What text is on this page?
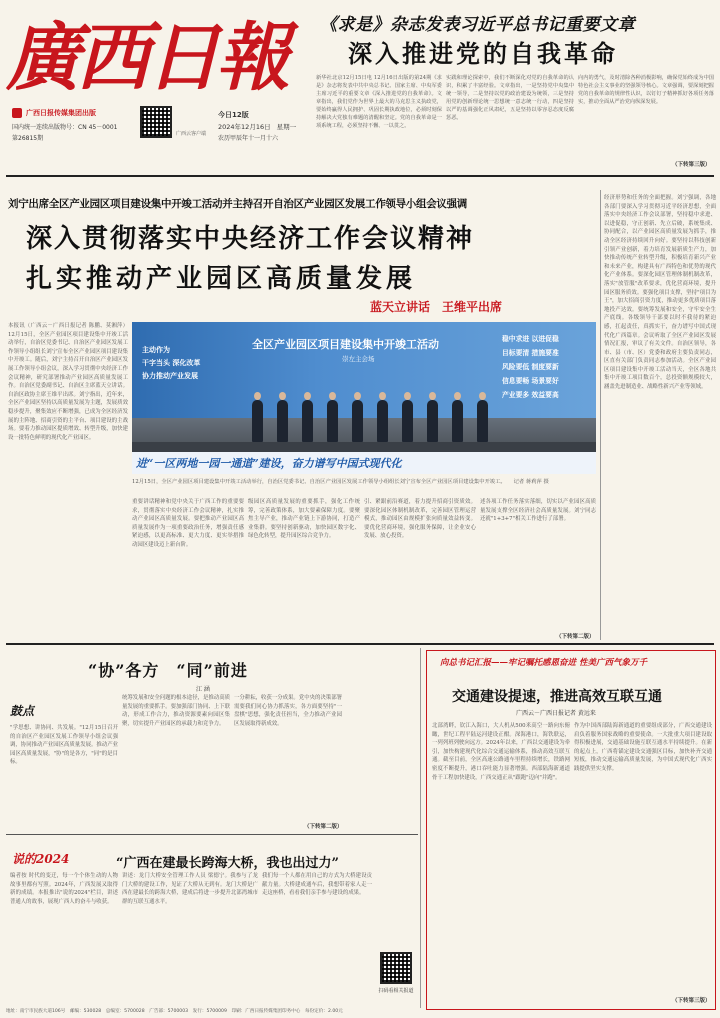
廣西日報
广西日报传媒集团出版
国内统一连续出版物号：CN 45－0001
第26815期
广西云客户端
今日12版
2024年12月16日 星期一
农历甲辰年十一月十六
《求是》杂志发表习近平总书记重要文章
深入推进党的自我革命
新华社北京12月15日电 12月16日出版的第24期《求是》杂志将发表中共中央总书记、国家主席、中央军委主席习近平的重要文章《深入推进党的自我革命》。文章指出，我们党作为世界上最大的马克思主义执政党，要始终赢得人民拥护、巩固长期执政地位，必须时刻保持解决大党独有难题的清醒和坚定。党的自我革命是一项系统工程，必须坚持不懈、一以贯之。
实践和理论探索中，我们不断深化对党的自我革命的认识，积累了丰富经验。文章指出，一是坚持党中央集中统一领导，二是坚持以党的政治建设为统领，三是坚持用党的创新理论统一思想统一意志统一行动，四是坚持以严的基调强化正风肃纪，五是坚持以零容忍态度反腐惩恶。
向内的勇气，及时清除各种消极影响，确保党始终成为中国特色社会主义事业的坚强领导核心。文章强调，要深刻把握党的自我革命的规律性认识，以钉钉子精神抓好各项任务落实，推动全面从严治党向纵深发展。
（下转第三版）
刘宁出席全区产业园区项目建设集中开竣工活动并主持召开自治区产业园区发展工作领导小组会议强调
深入贯彻落实中央经济工作会议精神
扎实推动产业园区高质量发展
蓝天立讲话　王维平出席
经济形势和任务的全面把握。刘宁强调，各地各部门要深入学习贯彻习近平经济思想，全面落实中央经济工作会议部署，坚持稳中求进、以进促稳，守正创新、先立后破，系统集成、协同配合，以产业园区高质量发展为抓手，推动全区经济持续回升向好。要坚持以科技创新引领产业创新，着力培育发展新质生产力，加快推动传统产业转型升级，积极培育新兴产业和未来产业，构建具有广西特色和优势的现代化产业体系。要深化园区管理体制机制改革，落实"放管服"改革要求，优化营商环境，提升园区服务质效。要强化项目支撑，坚持"项目为王"，加大招商引资力度，推动更多优质项目落地投产达效。要统筹发展和安全，守牢安全生产底线。各级领导干部要以时不我待的紧迫感，扛起责任，真抓实干，奋力谱写中国式现代化广西篇章。会议听取了全区产业园区发展情况汇报，审议了有关文件。自治区领导，各市、县（市、区）党委和政府主要负责同志，区直有关部门负责同志参加活动。全区产业园区项目建设集中开竣工活动当天，全区各地共集中开竣工项目数百个，总投资额规模较大，涵盖先进制造业、战略性新兴产业等领域。
本报讯（广西云－广西日报记者 陈鹏、莫湘萍）12月15日，全区产业园区项目建设集中开竣工活动举行，自治区党委书记、自治区产业园区发展工作领导小组组长刘宁宣布全区产业园区项目建设集中开竣工。随后，刘宁主持召开自治区产业园区发展工作领导小组会议，深入学习贯彻中央经济工作会议精神，研究部署推动产业园区高质量发展工作。自治区党委副书记、自治区主席蓝天立讲话。自治区政协主席王维平出席。刘宁指出，近年来，全区产业园区坚持以高质量发展为主题，发展质效稳步提升，聚集效应不断增强，已成为全区经济发展的主阵地、招商引资的主平台、项目建设的主战场。要着力推动园区提质增效、转型升级，加快建设一批特色鲜明的现代化产业园区。
全区产业园区项目建设集中开竣工活动
崇左主会场
主动作为
干字当头 深化改革
协力推动产业发展
稳中求进 以进促稳
目标要清 措施要准
风险要低 制度要新
信息要畅 场景要好
产业要多 效益要高
进“一区两地一园一通道”建设，奋力谱写中国式现代化
12月15日，全区产业园区项目建设集中开竣工活动举行，自治区党委书记、自治区产业园区发展工作领导小组组长刘宁宣布全区产业园区项目建设集中开竣工。　　记者 蒋莉萍 摄
重要讲话精神和党中央关于广西工作的重要要求，贯彻落实中央经济工作会议精神，扎实推动产业园区高质量发展。要把推动产业园区高质量发展作为一项重要政治任务，增强责任感紧迫感，以更高标准、更大力度、更实举措推动园区建设迈上新台阶。
级园区高质量发展的重要抓手，强化工作统筹，完善政策体系，加大要素保障力度。要聚焦主导产业，推动产业链上下游协同，打造产业集群。要坚持创新驱动，加快园区数字化、绿色化转型，提升园区综合竞争力。
引、紧跟前沿赛道，着力提升招商引资质效。要深化园区体制机制改革，完善园区管理运营模式，推动园区由规模扩张向质量效益转变。要优化营商环境，强化服务保障，让企业安心发展、放心投资。
述各项工作任务落实落细，切实以产业园区高质量发展支撑全区经济社会高质量发展。刘宁同志还就"1+3+7"相关工作进行了部署。
（下转第二版）
“协”各方　“同”前进
江 涵
鼓点
"学思想、讲协同、共发展。"12月15日召开的自治区产业园区发展工作领导小组会议强调，协同推动产业园区高质量发展。推动产业园区高质量发展，"协"的是各方，"同"的是目标。
统筹发展和安全问题的根本途径，是推动高质量发展的重要抓手。要加强部门协同、上下联动，形成工作合力，推动资源要素向园区集聚，切实提升产业园区的承载力和竞争力。
一分耕耘，收获一分成果。党中央的决策部署需要我们同心协力抓落实，各方面要坚持"一盘棋"思想，强化责任担当，全力推动产业园区发展取得新成效。
（下转第二版）
说的2024	“广西在建最长跨海大桥，我也出过力”
编者按 时代的变迁，每一个个体生动的人物故事里都有写照。2024年，广西发展又取得新的成绩。本报推出"说的2024"栏目，讲述普通人的故事，展现广西人的奋斗与收获。
讲述：龙门大桥安全管理工作人员 梁德宁。我参与了龙门大桥的建设工作，见证了大桥从无到有。龙门大桥是广西在建最长的跨海大桥，建成后将进一步提升北部湾城市群的互联互通水平。
我们每一个人都在用自己的方式为大桥建设贡献力量。大桥建成通车后，我想带着家人走一走这座桥，看看我们亲手参与建设的成果。
扫码看相关报道
向总书记汇报——牢记嘱托感恩奋进 性美广西气象万千
交通建设提速，推进高效互联互通
广西云－广西日报记者 黄远来
北部湾畔，钦江入海口，大人机从500米高空一路向东俯瞰，世纪工程平陆运河建设正酣。深海港口，海铁联运，一列列班列驶向远方。2024年以来，广西以交通建设为牵引，加快构建现代化综合交通运输体系，推动高效互联互通。截至目前，全区高速公路通车里程持续增长，铁路网密度不断提升，港口吞吐能力显著增强。西部陆海新通道骨干工程加快建设，广西交通正从"跟跑"迈向"并跑"。
作为中国西部陆海新通道的重要组成部分，广西交通建设肩负着服务国家战略的重要使命。一大批重大项目建设取得积极进展，交通基础设施互联互通水平持续提升。在新的起点上，广西将锚定建设交通强区目标，加快补齐交通短板，推动交通运输高质量发展，为中国式现代化广西实践提供坚实支撑。
（下转第三版）
地址：南宁市民族大道106号　邮编：530028　总编室：5700028　广告部：5700003　发行：5700009　印刷：广西日报传媒集团印务中心　每份定价：2.00元
